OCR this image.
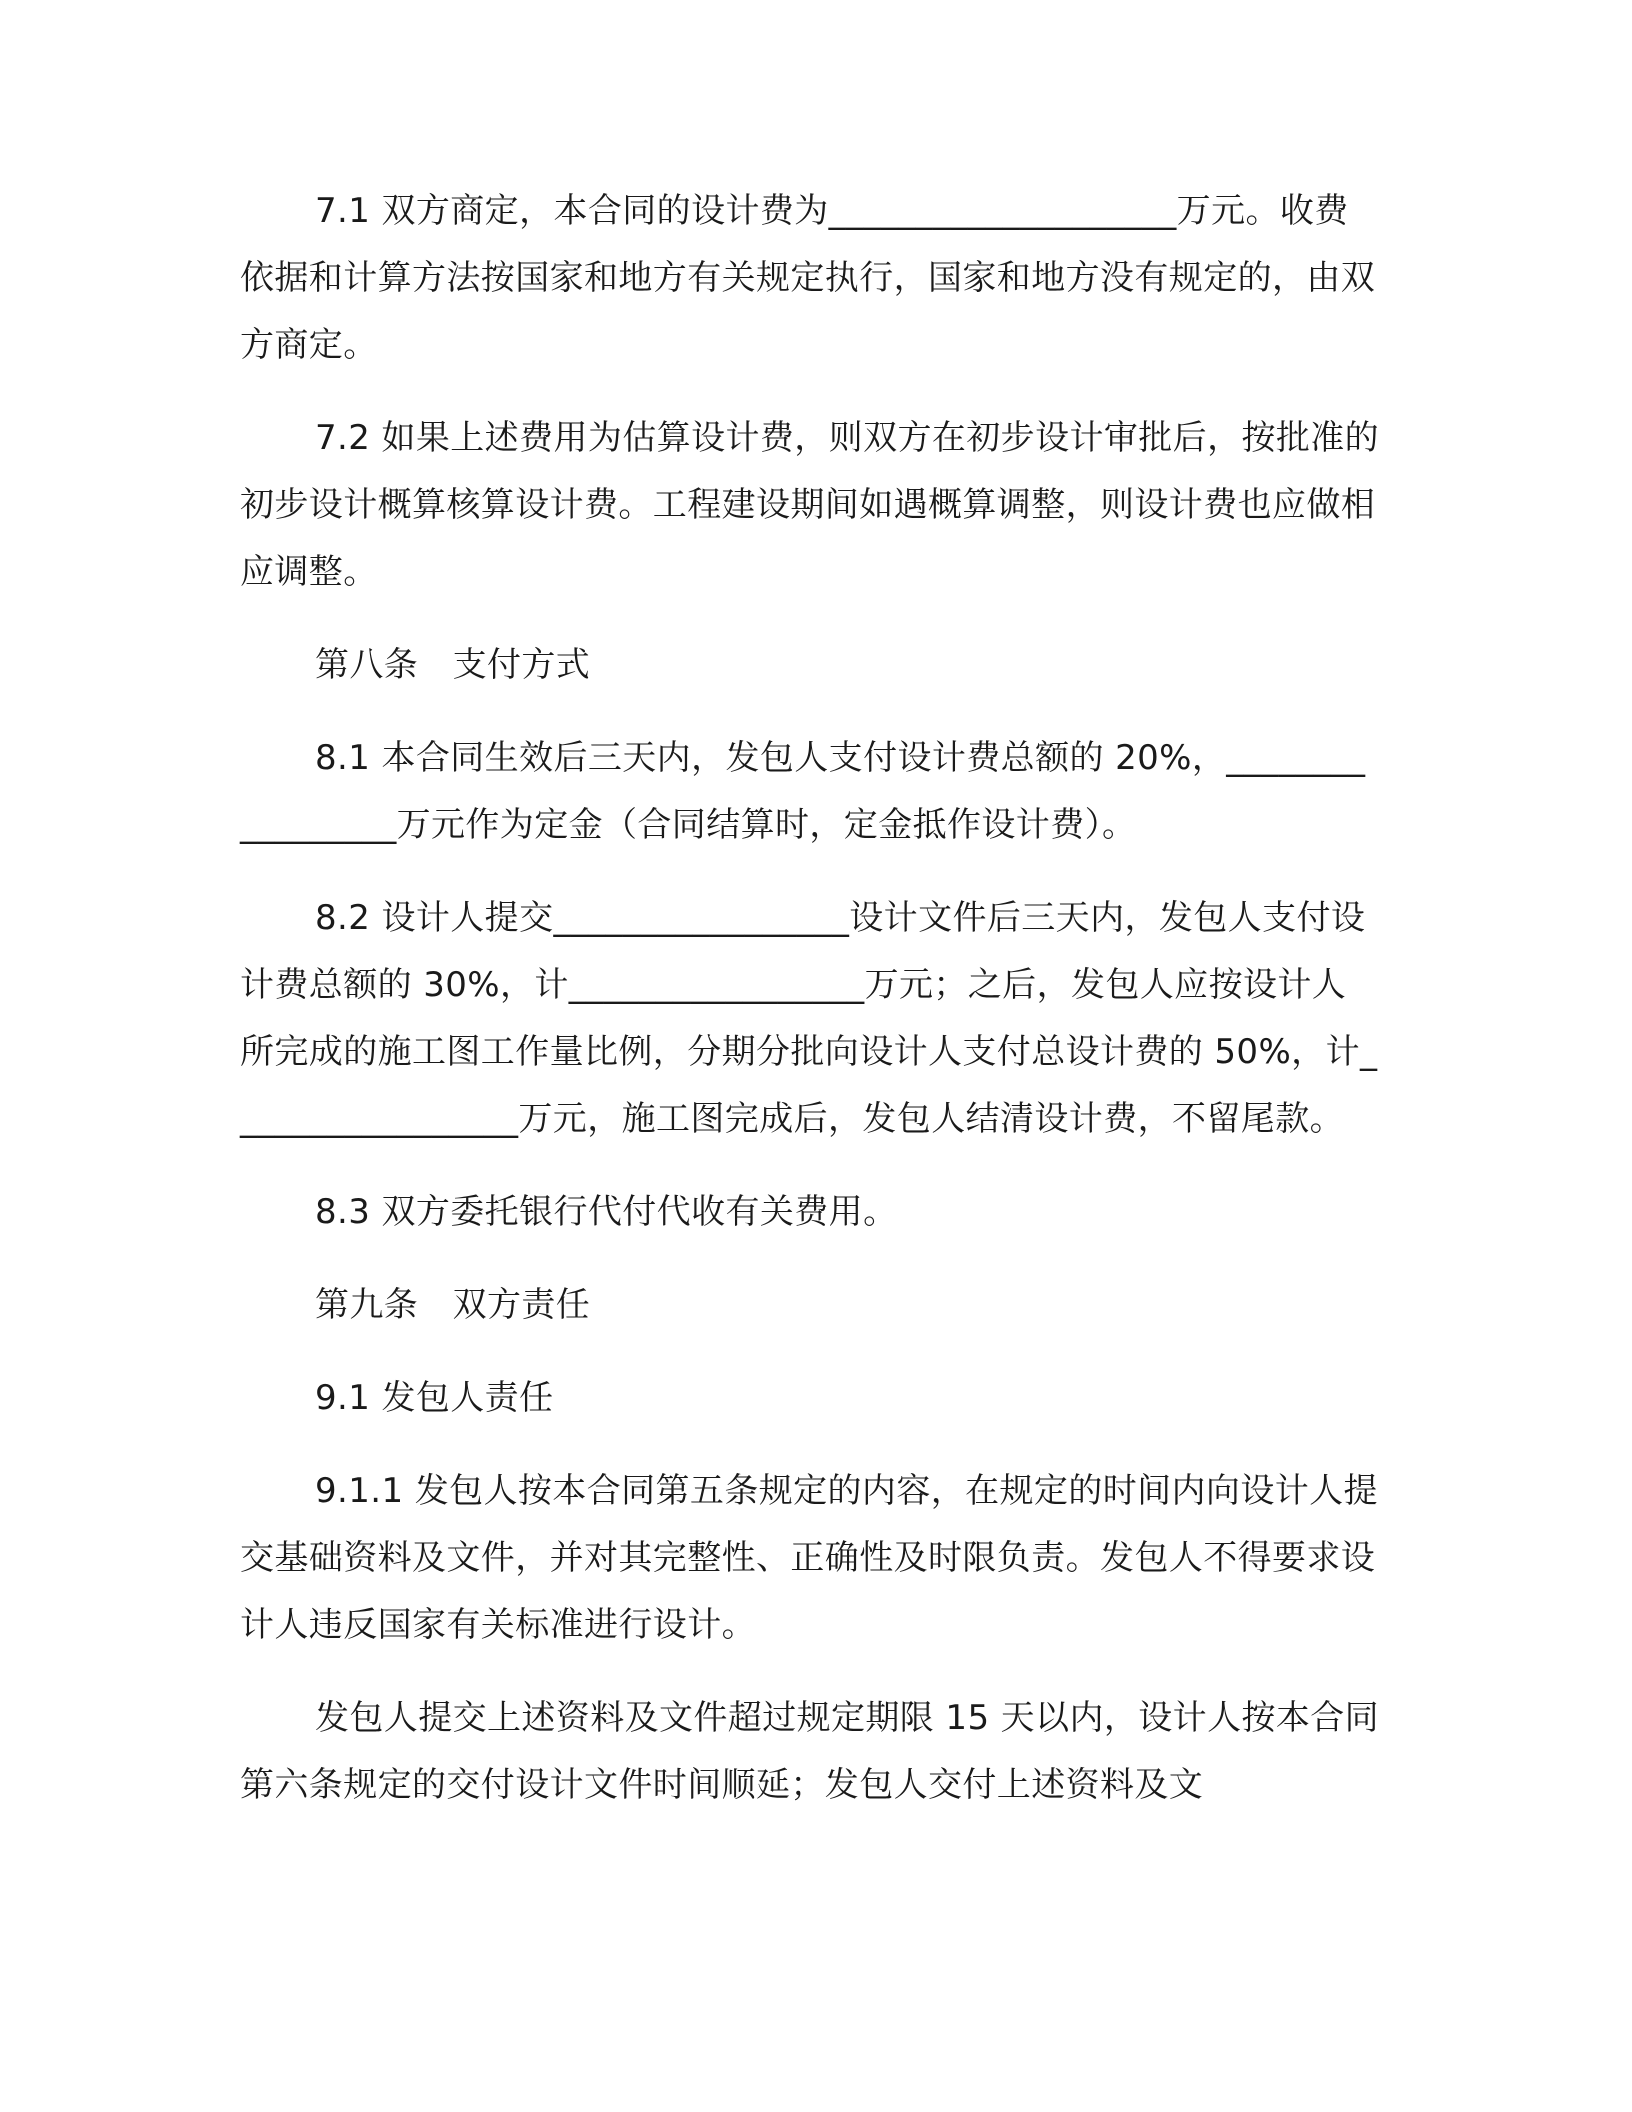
7.1 双方商定，本合同的设计费为____________________万元。收费依据和计算方法按国家和地方有关规定执行，国家和地方没有规定的，由双方商定。

7.2 如果上述费用为估算设计费，则双方在初步设计审批后，按批准的初步设计概算核算设计费。工程建设期间如遇概算调整，则设计费也应做相应调整。

第八条　支付方式

8.1 本合同生效后三天内，发包人支付设计费总额的 20%，_________________万元作为定金（合同结算时，定金抵作设计费）。

8.2 设计人提交_________________设计文件后三天内，发包人支付设计费总额的 30%，计_________________万元；之后，发包人应按设计人所完成的施工图工作量比例，分期分批向设计人支付总设计费的 50%，计_________________万元，施工图完成后，发包人结清设计费，不留尾款。

8.3 双方委托银行代付代收有关费用。

第九条　双方责任

9.1 发包人责任

9.1.1 发包人按本合同第五条规定的内容，在规定的时间内向设计人提交基础资料及文件，并对其完整性、正确性及时限负责。发包人不得要求设计人违反国家有关标准进行设计。

发包人提交上述资料及文件超过规定期限 15 天以内，设计人按本合同第六条规定的交付设计文件时间顺延；发包人交付上述资料及文
